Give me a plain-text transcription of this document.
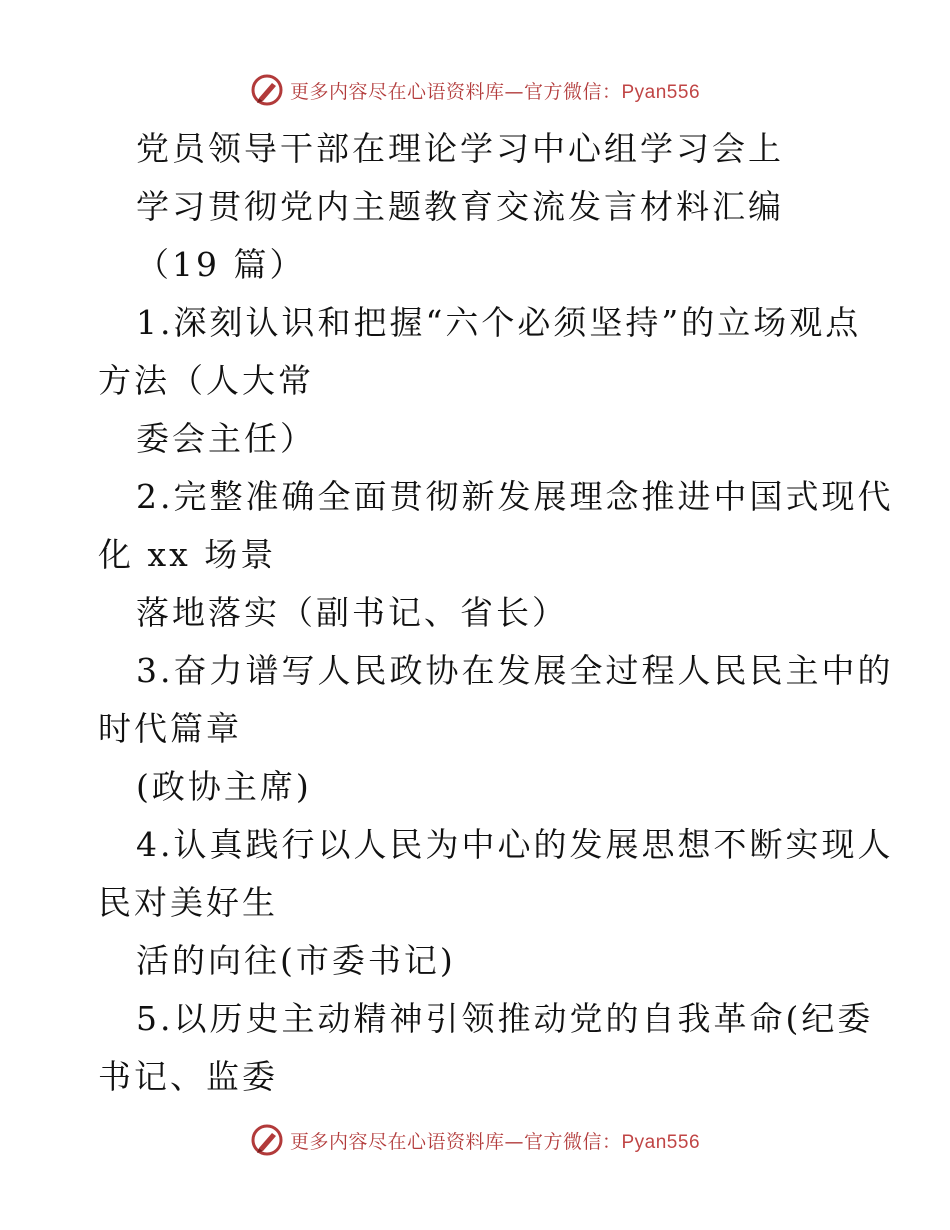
更多内容尽在心语资料库—官方微信：Pyan556
党员领导干部在理论学习中心组学习会上
学习贯彻党内主题教育交流发言材料汇编
（19 篇）
1.深刻认识和把握“六个必须坚持”的立场观点
方法（人大常
委会主任）
2.完整准确全面贯彻新发展理念推进中国式现代
化 xx 场景
落地落实（副书记、省长）
3.奋力谱写人民政协在发展全过程人民民主中的
时代篇章
(政协主席)
4.认真践行以人民为中心的发展思想不断实现人
民对美好生
活的向往(市委书记)
5.以历史主动精神引领推动党的自我革命(纪委
书记、监委
更多内容尽在心语资料库—官方微信：Pyan556
